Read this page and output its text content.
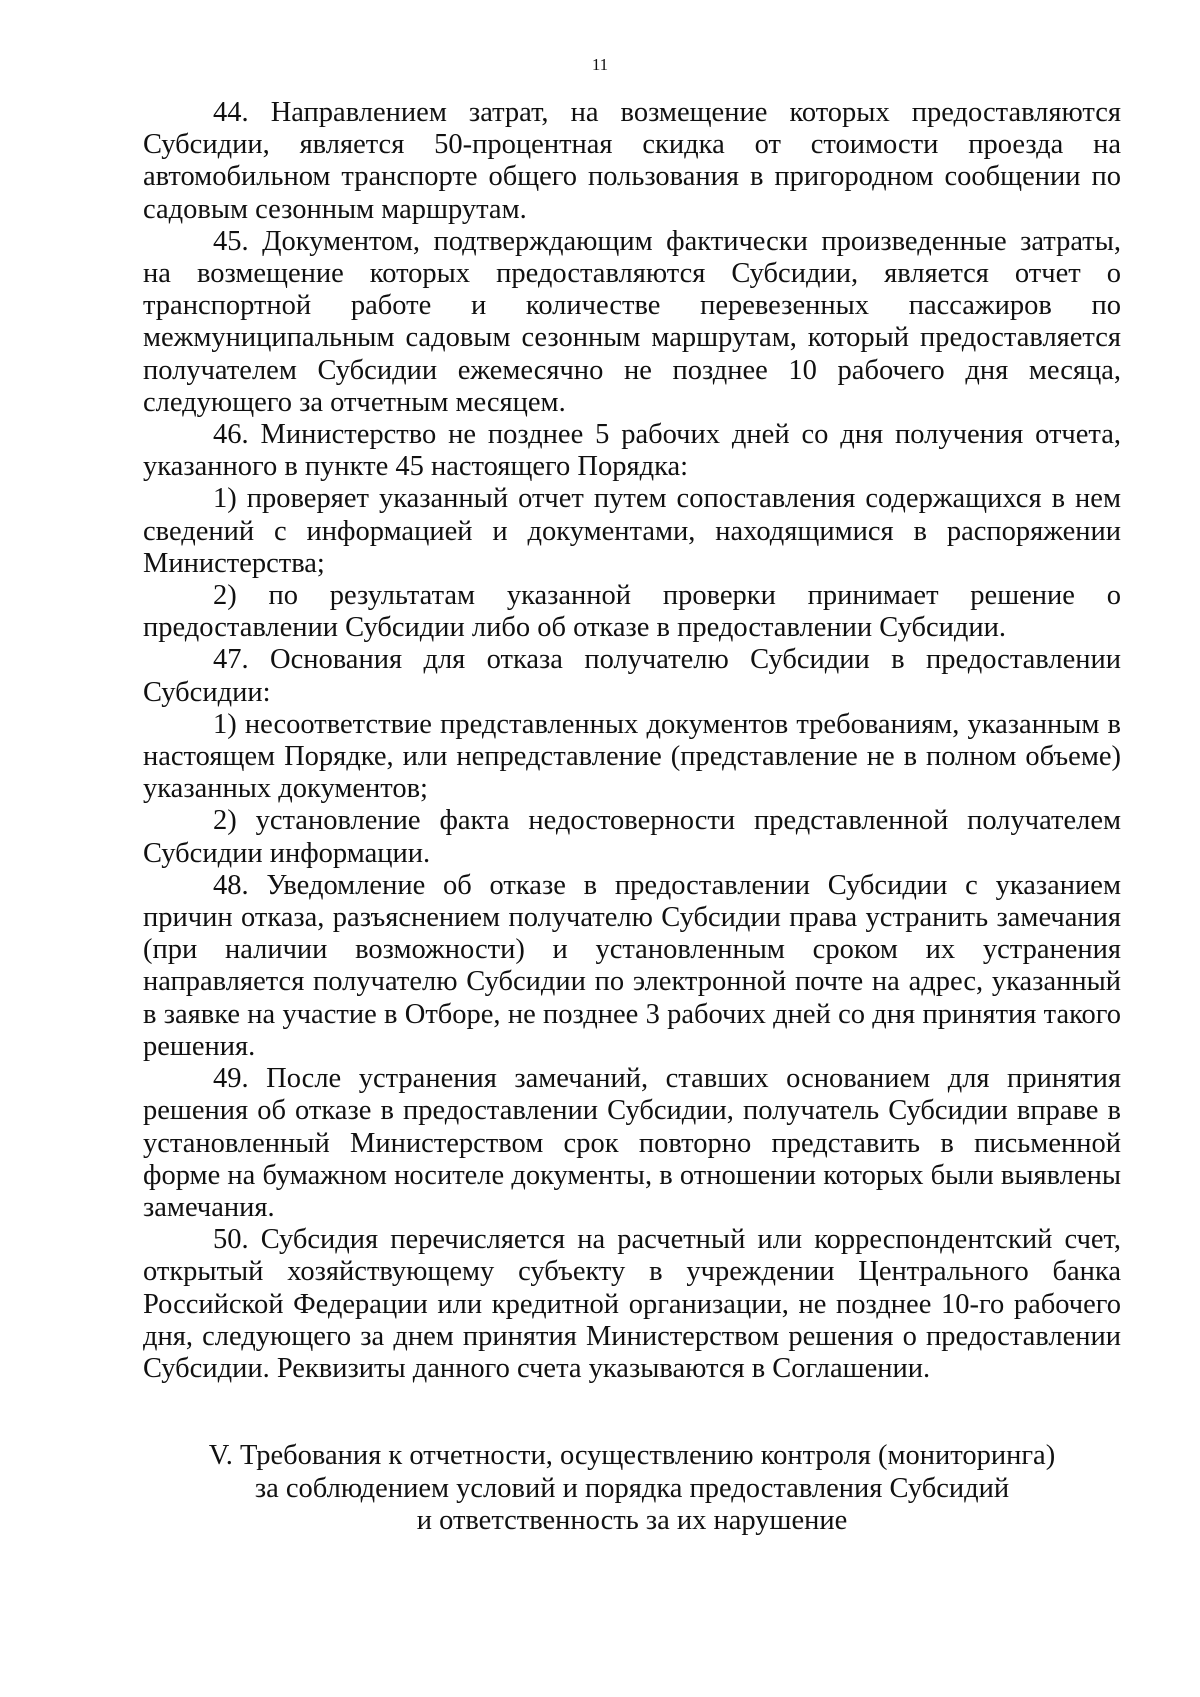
11

44. Направлением затрат, на возмещение которых предоставляются Субсидии, является 50-процентная скидка от стоимости проезда на автомобильном транспорте общего пользования в пригородном сообщении по садовым сезонным маршрутам.

45. Документом, подтверждающим фактически произведенные затраты, на возмещение которых предоставляются Субсидии, является отчет о транспортной работе и количестве перевезенных пассажиров по межмуниципальным садовым сезонным маршрутам, который предоставляется получателем Субсидии ежемесячно не позднее 10 рабочего дня месяца, следующего за отчетным месяцем.

46. Министерство не позднее 5 рабочих дней со дня получения отчета, указанного в пункте 45 настоящего Порядка:

1) проверяет указанный отчет путем сопоставления содержащихся в нем сведений с информацией и документами, находящимися в распоряжении Министерства;

2) по результатам указанной проверки принимает решение о предоставлении Субсидии либо об отказе в предоставлении Субсидии.

47. Основания для отказа получателю Субсидии в предоставлении Субсидии:

1) несоответствие представленных документов требованиям, указанным в настоящем Порядке, или непредставление (представление не в полном объеме) указанных документов;

2) установление факта недостоверности представленной получателем Субсидии информации.

48. Уведомление об отказе в предоставлении Субсидии с указанием причин отказа, разъяснением получателю Субсидии права устранить замечания (при наличии возможности) и установленным сроком их устранения направляется получателю Субсидии по электронной почте на адрес, указанный в заявке на участие в Отборе, не позднее 3 рабочих дней со дня принятия такого решения.

49. После устранения замечаний, ставших основанием для принятия решения об отказе в предоставлении Субсидии, получатель Субсидии вправе в установленный Министерством срок повторно представить в письменной форме на бумажном носителе документы, в отношении которых были выявлены замечания.

50. Субсидия перечисляется на расчетный или корреспондентский счет, открытый хозяйствующему субъекту в учреждении Центрального банка Российской Федерации или кредитной организации, не позднее 10-го рабочего дня, следующего за днем принятия Министерством решения о предоставлении Субсидии. Реквизиты данного счета указываются в Соглашении.

V. Требования к отчетности, осуществлению контроля (мониторинга)
за соблюдением условий и порядка предоставления Субсидий
и ответственность за их нарушение
